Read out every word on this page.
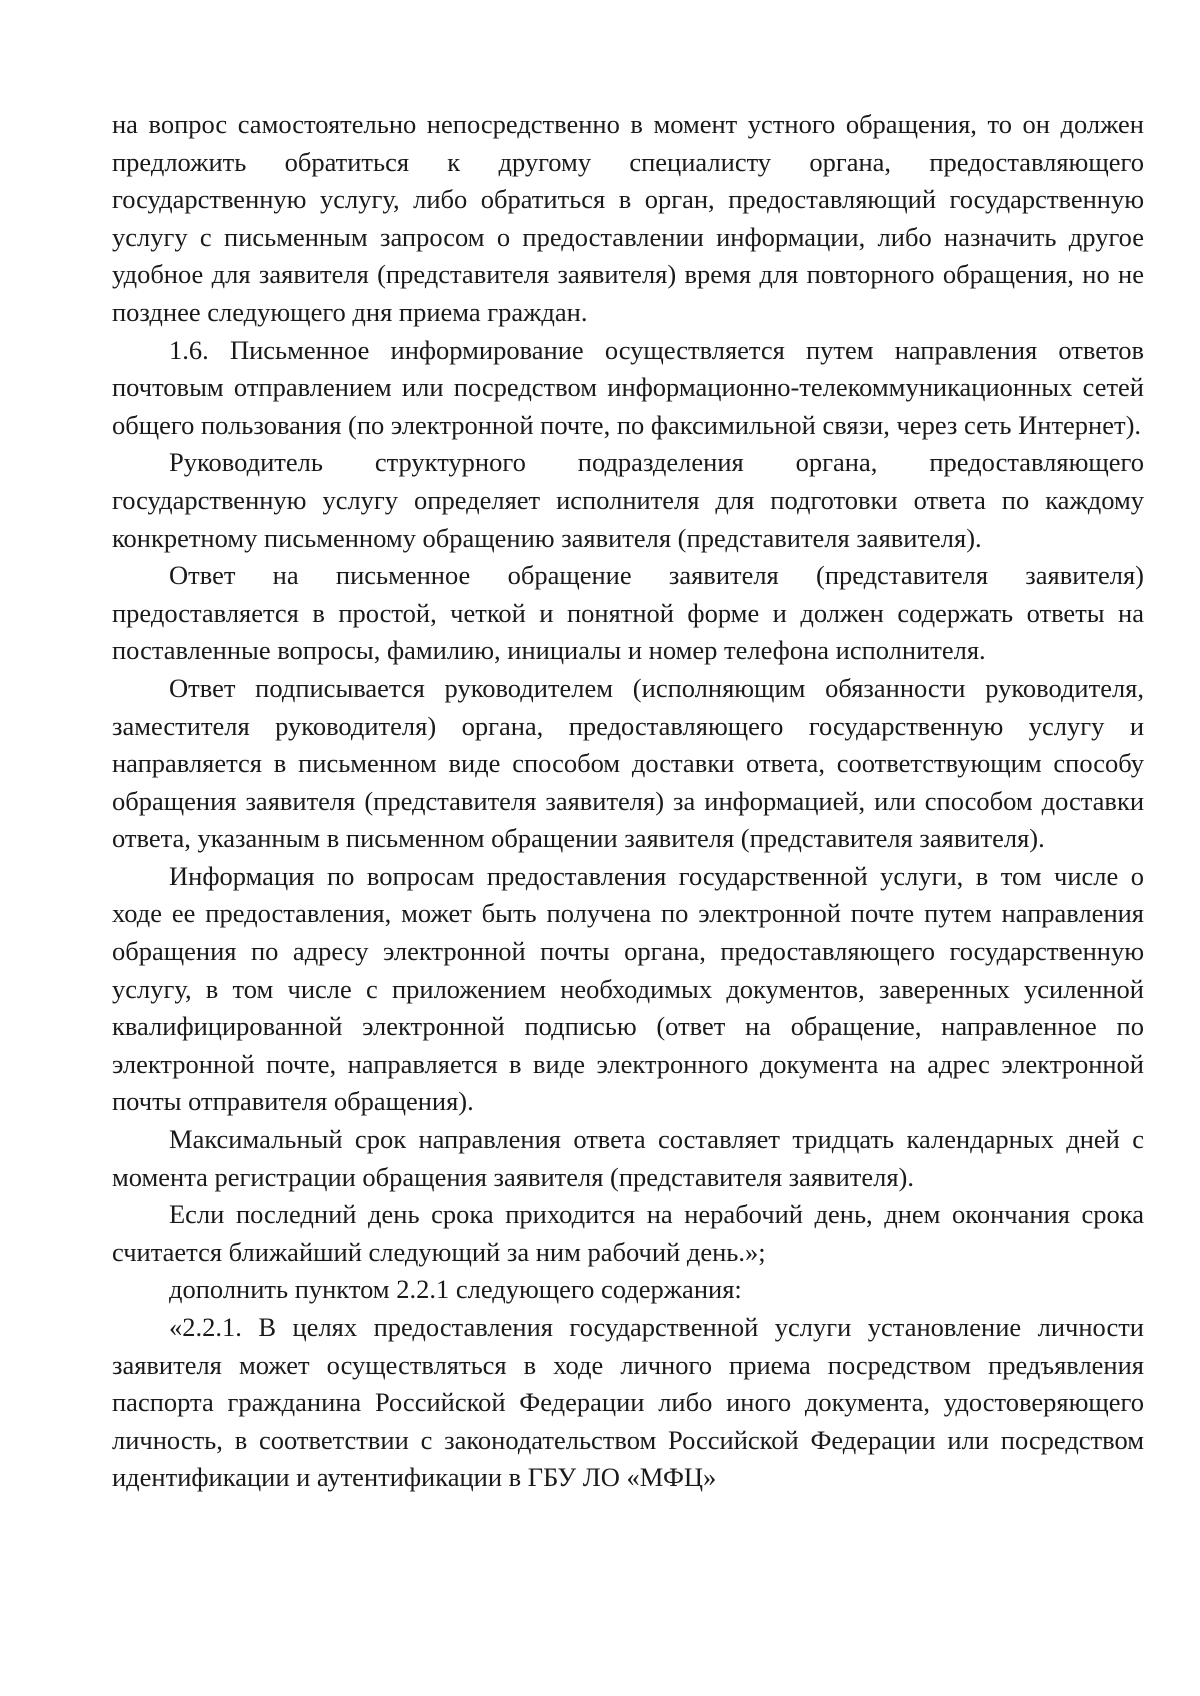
на вопрос самостоятельно непосредственно в момент устного обращения, то он должен предложить обратиться к другому специалисту органа, предоставляющего государственную услугу, либо обратиться в орган, предоставляющий государственную услугу с письменным запросом о предоставлении информации, либо назначить другое удобное для заявителя (представителя заявителя) время для повторного обращения, но не позднее следующего дня приема граждан.

1.6. Письменное информирование осуществляется путем направления ответов почтовым отправлением или посредством информационно-телекоммуникационных сетей общего пользования (по электронной почте, по факсимильной связи, через сеть Интернет).

Руководитель структурного подразделения органа, предоставляющего государственную услугу определяет исполнителя для подготовки ответа по каждому конкретному письменному обращению заявителя (представителя заявителя).

Ответ на письменное обращение заявителя (представителя заявителя) предоставляется в простой, четкой и понятной форме и должен содержать ответы на поставленные вопросы, фамилию, инициалы и номер телефона исполнителя.

Ответ подписывается руководителем (исполняющим обязанности руководителя, заместителя руководителя) органа, предоставляющего государственную услугу и направляется в письменном виде способом доставки ответа, соответствующим способу обращения заявителя (представителя заявителя) за информацией, или способом доставки ответа, указанным в письменном обращении заявителя (представителя заявителя).

Информация по вопросам предоставления государственной услуги, в том числе о ходе ее предоставления, может быть получена по электронной почте путем направления обращения по адресу электронной почты органа, предоставляющего государственную услугу, в том числе с приложением необходимых документов, заверенных усиленной квалифицированной электронной подписью (ответ на обращение, направленное по электронной почте, направляется в виде электронного документа на адрес электронной почты отправителя обращения).

Максимальный срок направления ответа составляет тридцать календарных дней с момента регистрации обращения заявителя (представителя заявителя).

Если последний день срока приходится на нерабочий день, днем окончания срока считается ближайший следующий за ним рабочий день.»;

дополнить пунктом 2.2.1 следующего содержания:

«2.2.1. В целях предоставления государственной услуги установление личности заявителя может осуществляться в ходе личного приема посредством предъявления паспорта гражданина Российской Федерации либо иного документа, удостоверяющего личность, в соответствии с законодательством Российской Федерации или посредством идентификации и аутентификации в ГБУ ЛО «МФЦ»
